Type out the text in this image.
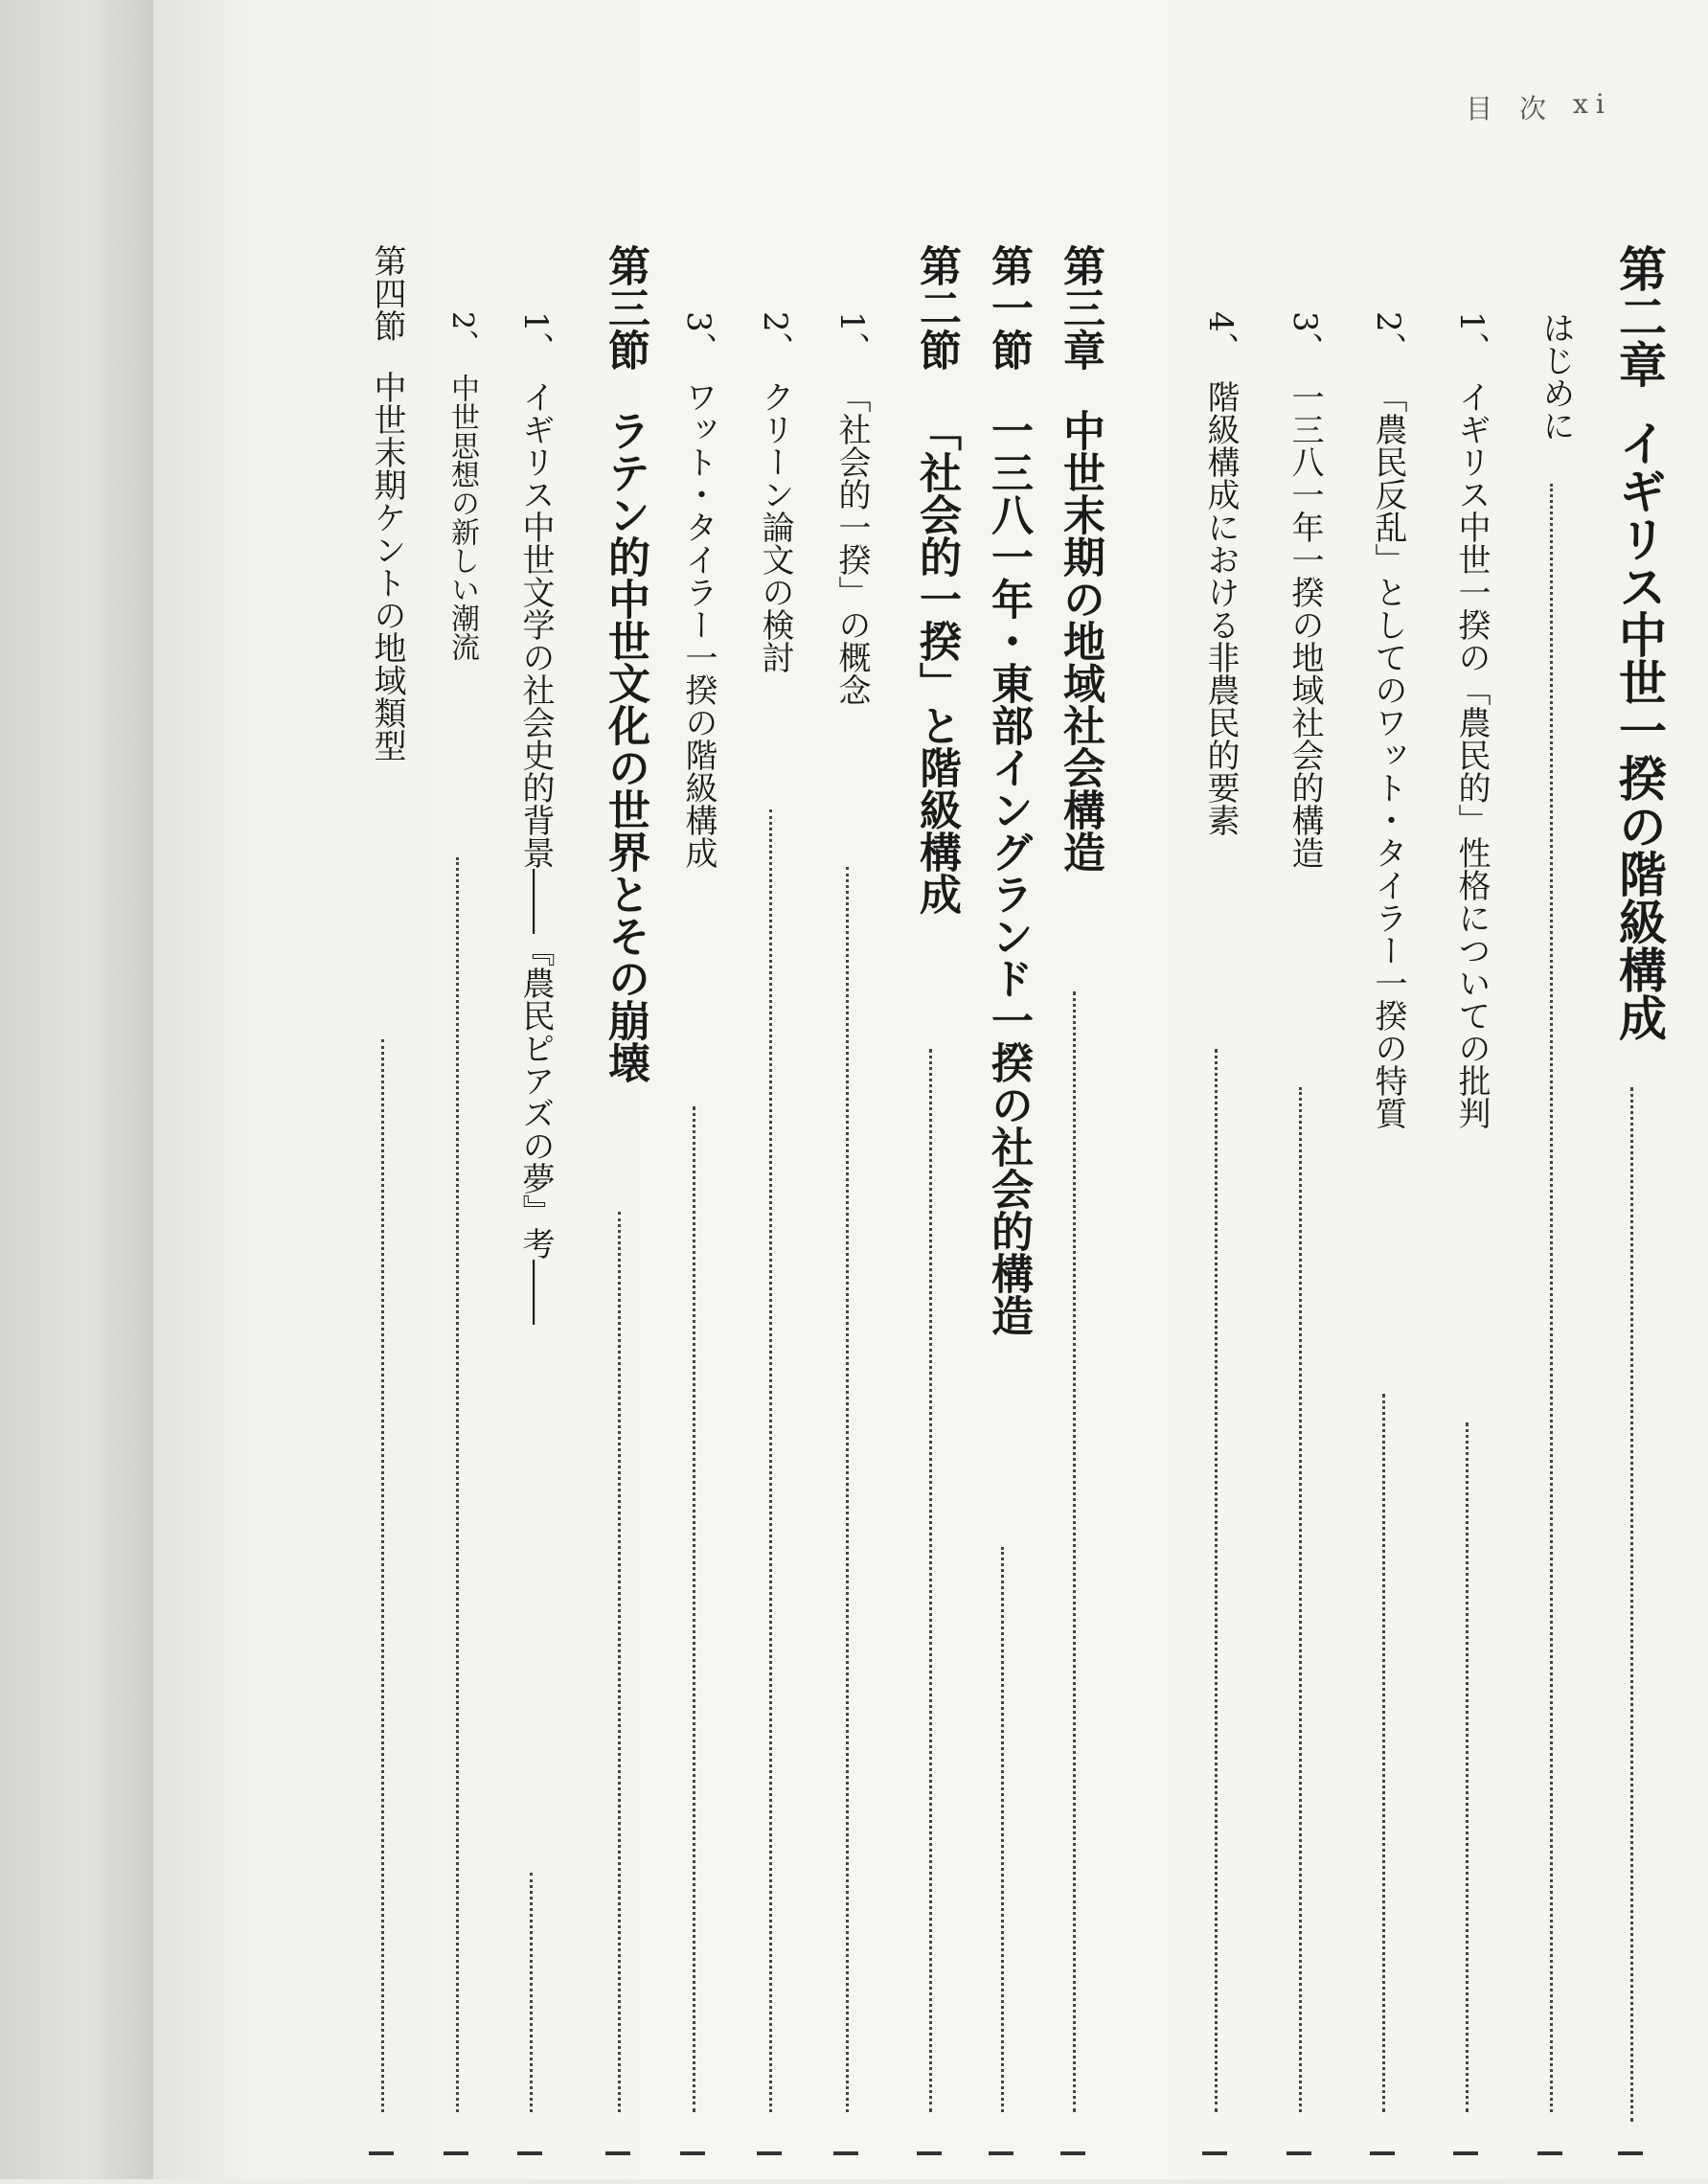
目 次 xi
第二章イギリス中世一揆の階級構成
はじめに
1、イギリス中世一揆の「農民的」性格についての批判
2、「農民反乱」としてのワット・タイラー一揆の特質
3、一三八一年一揆の地域社会的構造
4、階級構成における非農民的要素
第三章中世末期の地域社会構造
第一節一三八一年・東部イングランド一揆の社会的構造
第二節「社会的一揆」と階級構成
1、「社会的一揆」の概念
2、クリーン論文の検討
3、ワット・タイラー一揆の階級構成
第三節ラテン的中世文化の世界とその崩壊
1、イギリス中世文学の社会史的背景――『農民ピアズの夢』考――
2、中世思想の新しい潮流
第四節中世末期ケントの地域類型
